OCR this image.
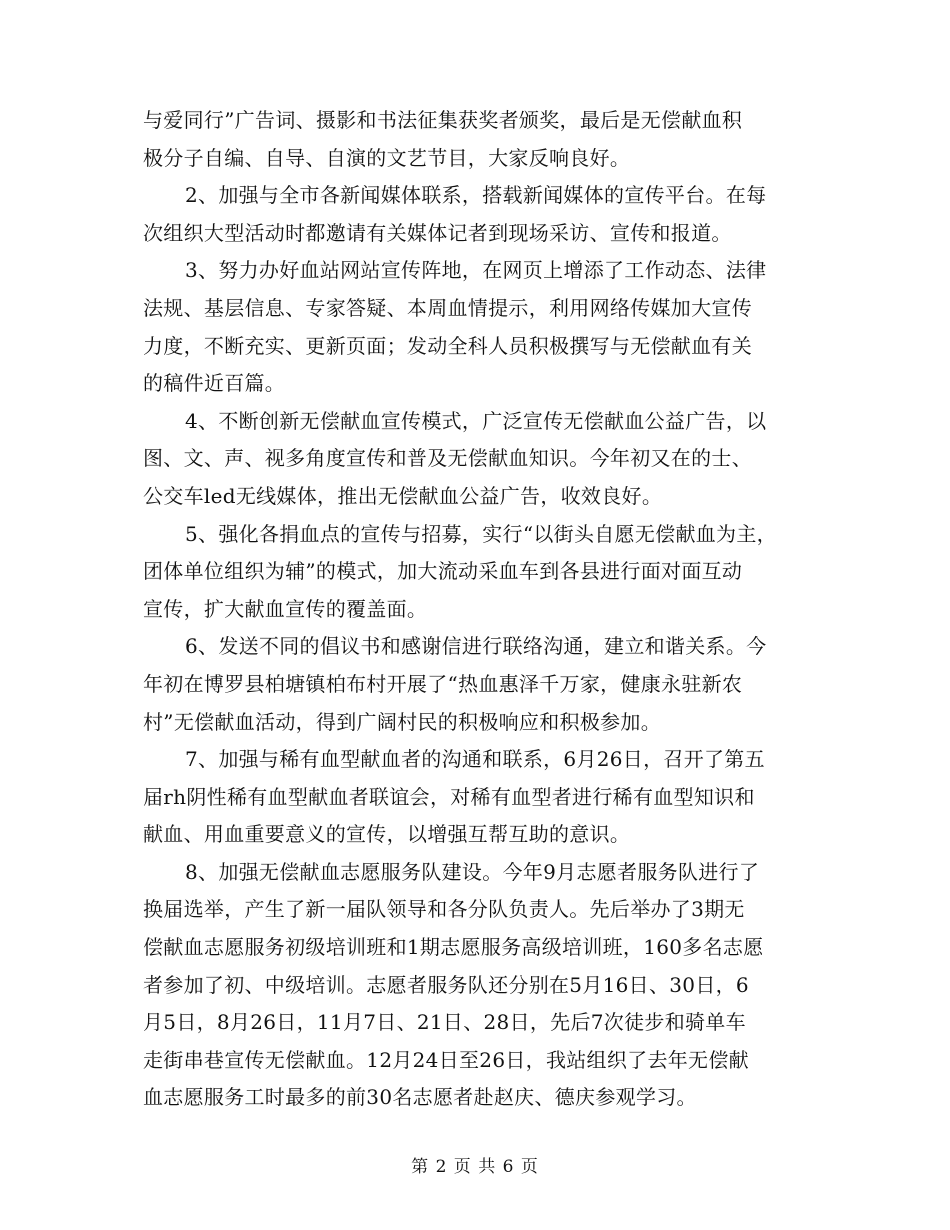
与爱同行”广告词、摄影和书法征集获奖者颁奖，最后是无偿献血积
极分子自编、自导、自演的文艺节目，大家反响良好。
2、加强与全市各新闻媒体联系，搭载新闻媒体的宣传平台。在每
次组织大型活动时都邀请有关媒体记者到现场采访、宣传和报道。
3、努力办好血站网站宣传阵地，在网页上增添了工作动态、法律
法规、基层信息、专家答疑、本周血情提示，利用网络传媒加大宣传
力度，不断充实、更新页面；发动全科人员积极撰写与无偿献血有关
的稿件近百篇。
4、不断创新无偿献血宣传模式，广泛宣传无偿献血公益广告，以
图、文、声、视多角度宣传和普及无偿献血知识。今年初又在的士、
公交车led无线媒体，推出无偿献血公益广告，收效良好。
5、强化各捐血点的宣传与招募，实行“以街头自愿无偿献血为主，
团体单位组织为辅”的模式，加大流动采血车到各县进行面对面互动
宣传，扩大献血宣传的覆盖面。
6、发送不同的倡议书和感谢信进行联络沟通，建立和谐关系。今
年初在博罗县柏塘镇柏布村开展了“热血惠泽千万家，健康永驻新农
村”无偿献血活动，得到广阔村民的积极响应和积极参加。
7、加强与稀有血型献血者的沟通和联系，6月26日，召开了第五
届rh阴性稀有血型献血者联谊会，对稀有血型者进行稀有血型知识和
献血、用血重要意义的宣传，以增强互帮互助的意识。
8、加强无偿献血志愿服务队建设。今年9月志愿者服务队进行了
换届选举，产生了新一届队领导和各分队负责人。先后举办了3期无
偿献血志愿服务初级培训班和1期志愿服务高级培训班，160多名志愿
者参加了初、中级培训。志愿者服务队还分别在5月16日、30日，6
月5日，8月26日，11月7日、21日、28日，先后7次徒步和骑单车
走街串巷宣传无偿献血。12月24日至26日，我站组织了去年无偿献
血志愿服务工时最多的前30名志愿者赴赵庆、德庆参观学习。
第 2 页 共 6 页
